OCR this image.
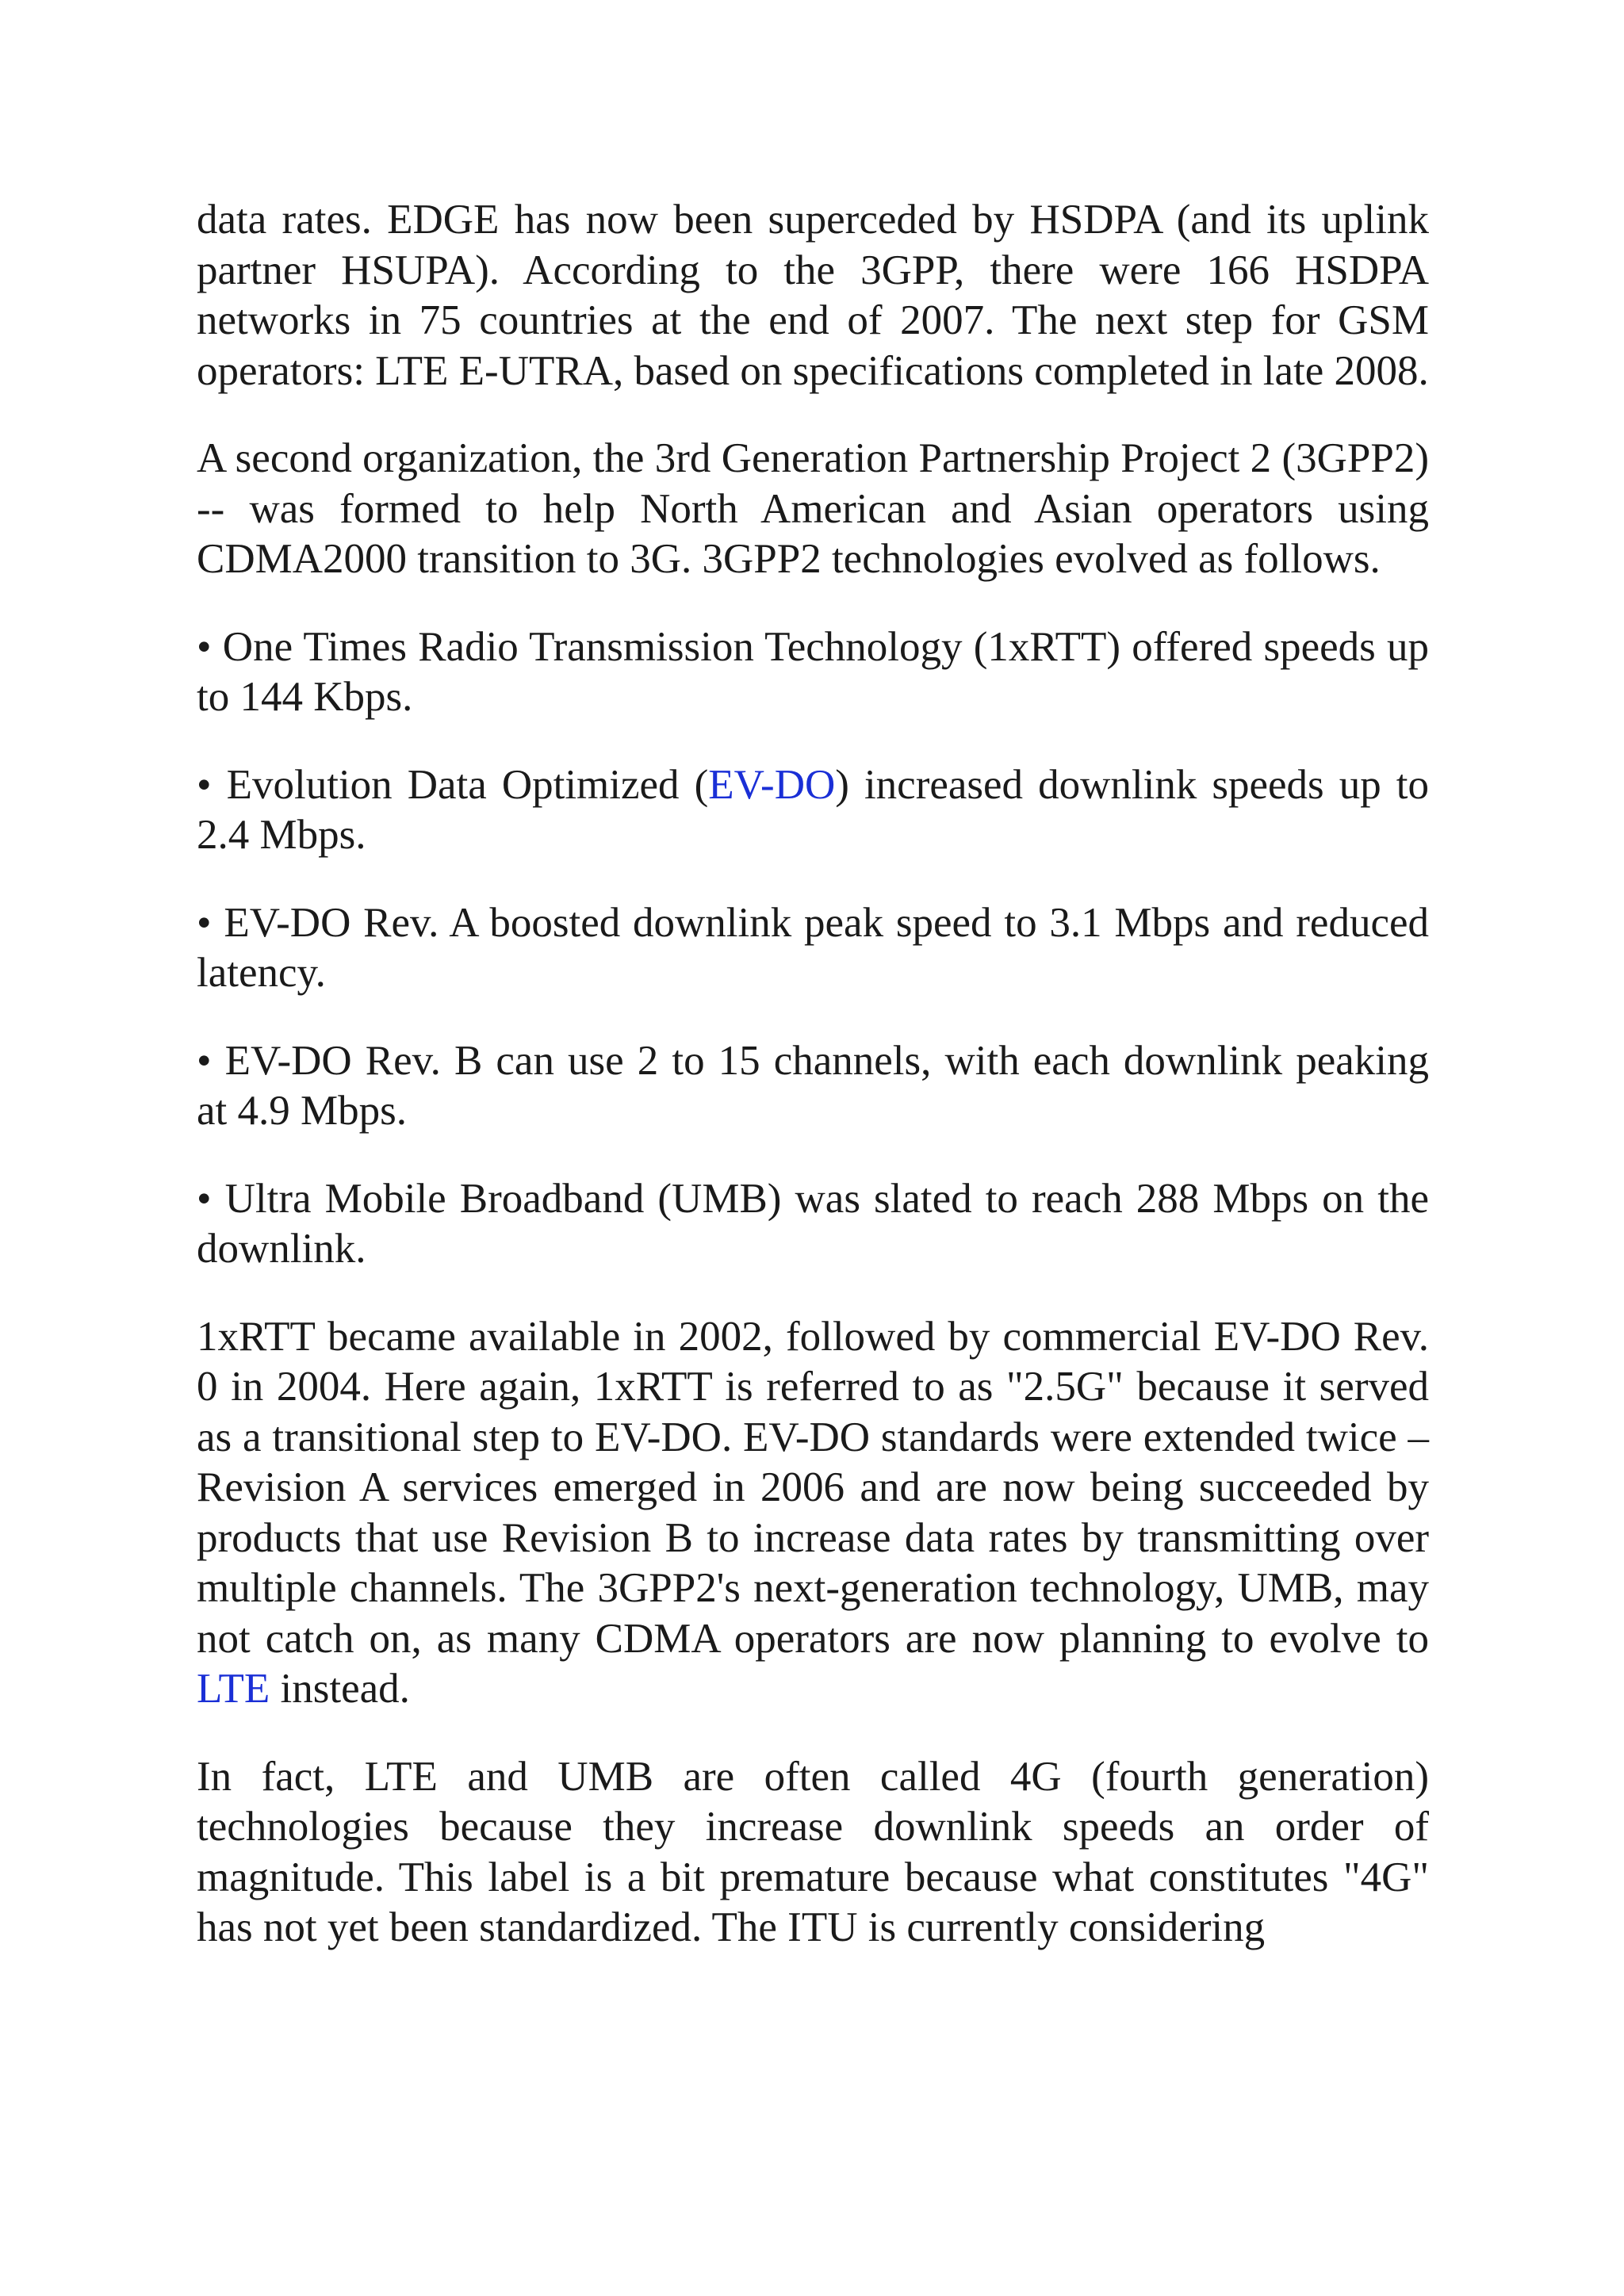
data rates. EDGE has now been superceded by HSDPA (and its uplink partner HSUPA). According to the 3GPP, there were 166 HSDPA networks in 75 countries at the end of 2007. The next step for GSM operators: LTE E-UTRA, based on specifications completed in late 2008.

A second organization, the 3rd Generation Partnership Project 2 (3GPP2) -- was formed to help North American and Asian operators using CDMA2000 transition to 3G. 3GPP2 technologies evolved as follows.

• One Times Radio Transmission Technology (1xRTT) offered speeds up to 144 Kbps.

• Evolution Data Optimized (EV-DO) increased downlink speeds up to 2.4 Mbps.

• EV-DO Rev. A boosted downlink peak speed to 3.1 Mbps and reduced latency.

• EV-DO Rev. B can use 2 to 15 channels, with each downlink peaking at 4.9 Mbps.

• Ultra Mobile Broadband (UMB) was slated to reach 288 Mbps on the downlink.

1xRTT became available in 2002, followed by commercial EV-DO Rev. 0 in 2004. Here again, 1xRTT is referred to as "2.5G" because it served as a transitional step to EV-DO. EV-DO standards were extended twice – Revision A services emerged in 2006 and are now being succeeded by products that use Revision B to increase data rates by transmitting over multiple channels. The 3GPP2's next-generation technology, UMB, may not catch on, as many CDMA operators are now planning to evolve to LTE instead.

In fact, LTE and UMB are often called 4G (fourth generation) technologies because they increase downlink speeds an order of magnitude. This label is a bit premature because what constitutes "4G" has not yet been standardized. The ITU is currently considering
